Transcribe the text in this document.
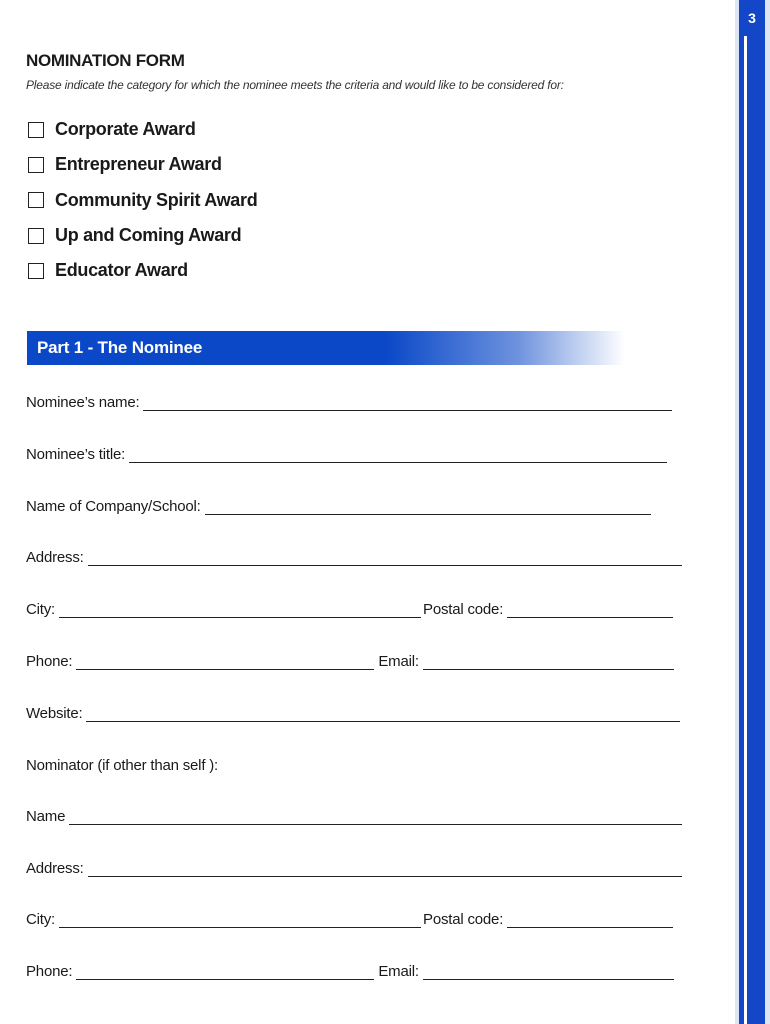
3
NOMINATION FORM
Please indicate the category for which the nominee meets the criteria and would like to be considered for:
Corporate Award
Entrepreneur Award
Community Spirit Award
Up and Coming Award
Educator Award
Part 1 - The Nominee
Nominee’s name:
Nominee’s title:
Name of Company/School:
Address:
City:	Postal code:
Phone:	Email:
Website:
Nominator (if other than self ):
Name
Address:
City:	Postal code:
Phone:	Email:
